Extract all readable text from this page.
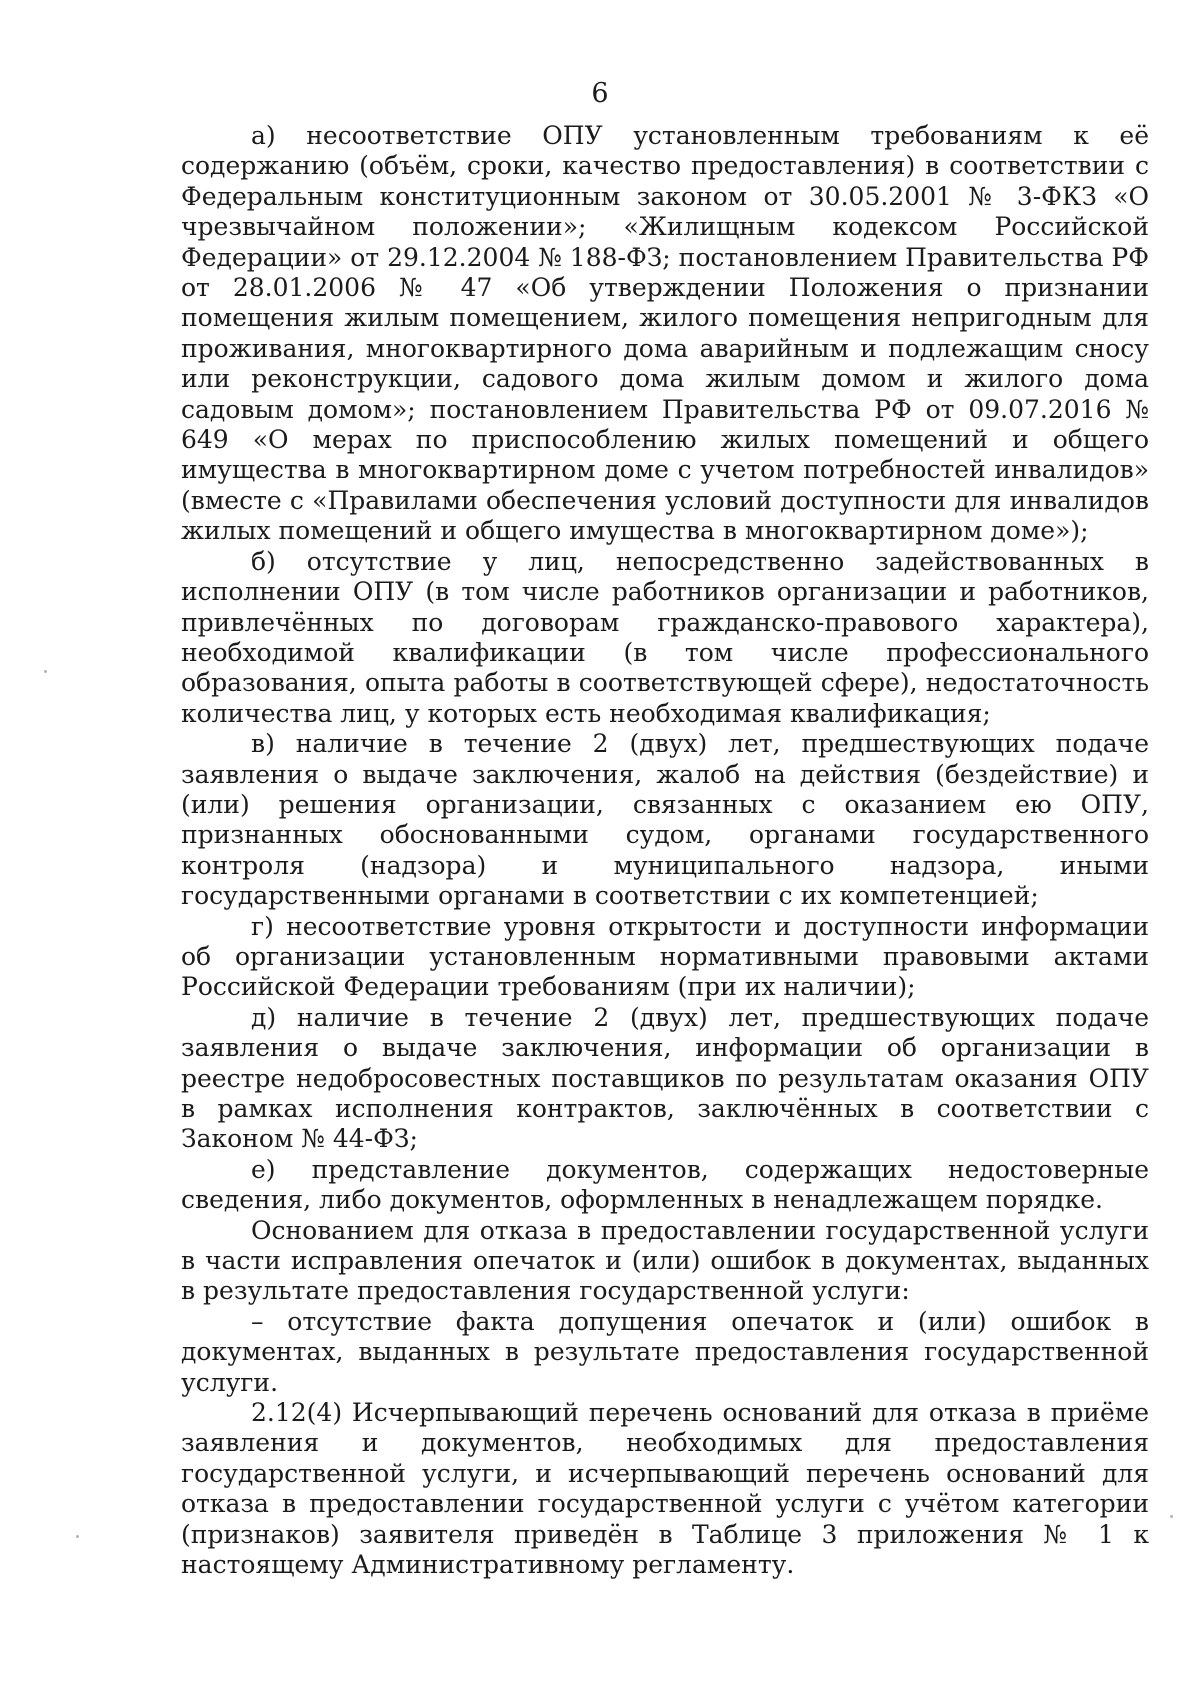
6

а) несоответствие ОПУ установленным требованиям к её содержанию (объём, сроки, качество предоставления) в соответствии с Федеральным конституционным законом от 30.05.2001 № 3-ФКЗ «О чрезвычайном положении»; «Жилищным кодексом Российской Федерации» от 29.12.2004 № 188-ФЗ; постановлением Правительства РФ от 28.01.2006 № 47 «Об утверждении Положения о признании помещения жилым помещением, жилого помещения непригодным для проживания, многоквартирного дома аварийным и подлежащим сносу или реконструкции, садового дома жилым домом и жилого дома садовым домом»; постановлением Правительства РФ от 09.07.2016 № 649 «О мерах по приспособлению жилых помещений и общего имущества в многоквартирном доме с учетом потребностей инвалидов» (вместе с «Правилами обеспечения условий доступности для инвалидов жилых помещений и общего имущества в многоквартирном доме»);

б) отсутствие у лиц, непосредственно задействованных в исполнении ОПУ (в том числе работников организации и работников, привлечённых по договорам гражданско-правового характера), необходимой квалификации (в том числе профессионального образования, опыта работы в соответствующей сфере), недостаточность количества лиц, у которых есть необходимая квалификация;

в) наличие в течение 2 (двух) лет, предшествующих подаче заявления о выдаче заключения, жалоб на действия (бездействие) и (или) решения организации, связанных с оказанием ею ОПУ, признанных обоснованными судом, органами государственного контроля (надзора) и муниципального надзора, иными государственными органами в соответствии с их компетенцией;

г) несоответствие уровня открытости и доступности информации об организации установленным нормативными правовыми актами Российской Федерации требованиям (при их наличии);

д) наличие в течение 2 (двух) лет, предшествующих подаче заявления о выдаче заключения, информации об организации в реестре недобросовестных поставщиков по результатам оказания ОПУ в рамках исполнения контрактов, заключённых в соответствии с Законом № 44-ФЗ;

е) представление документов, содержащих недостоверные сведения, либо документов, оформленных в ненадлежащем порядке.

Основанием для отказа в предоставлении государственной услуги в части исправления опечаток и (или) ошибок в документах, выданных в результате предоставления государственной услуги:

– отсутствие факта допущения опечаток и (или) ошибок в документах, выданных в результате предоставления государственной услуги.

2.12(4) Исчерпывающий перечень оснований для отказа в приёме заявления и документов, необходимых для предоставления государственной услуги, и исчерпывающий перечень оснований для отказа в предоставлении государственной услуги с учётом категории (признаков) заявителя приведён в Таблице 3 приложения № 1 к настоящему Административному регламенту.
